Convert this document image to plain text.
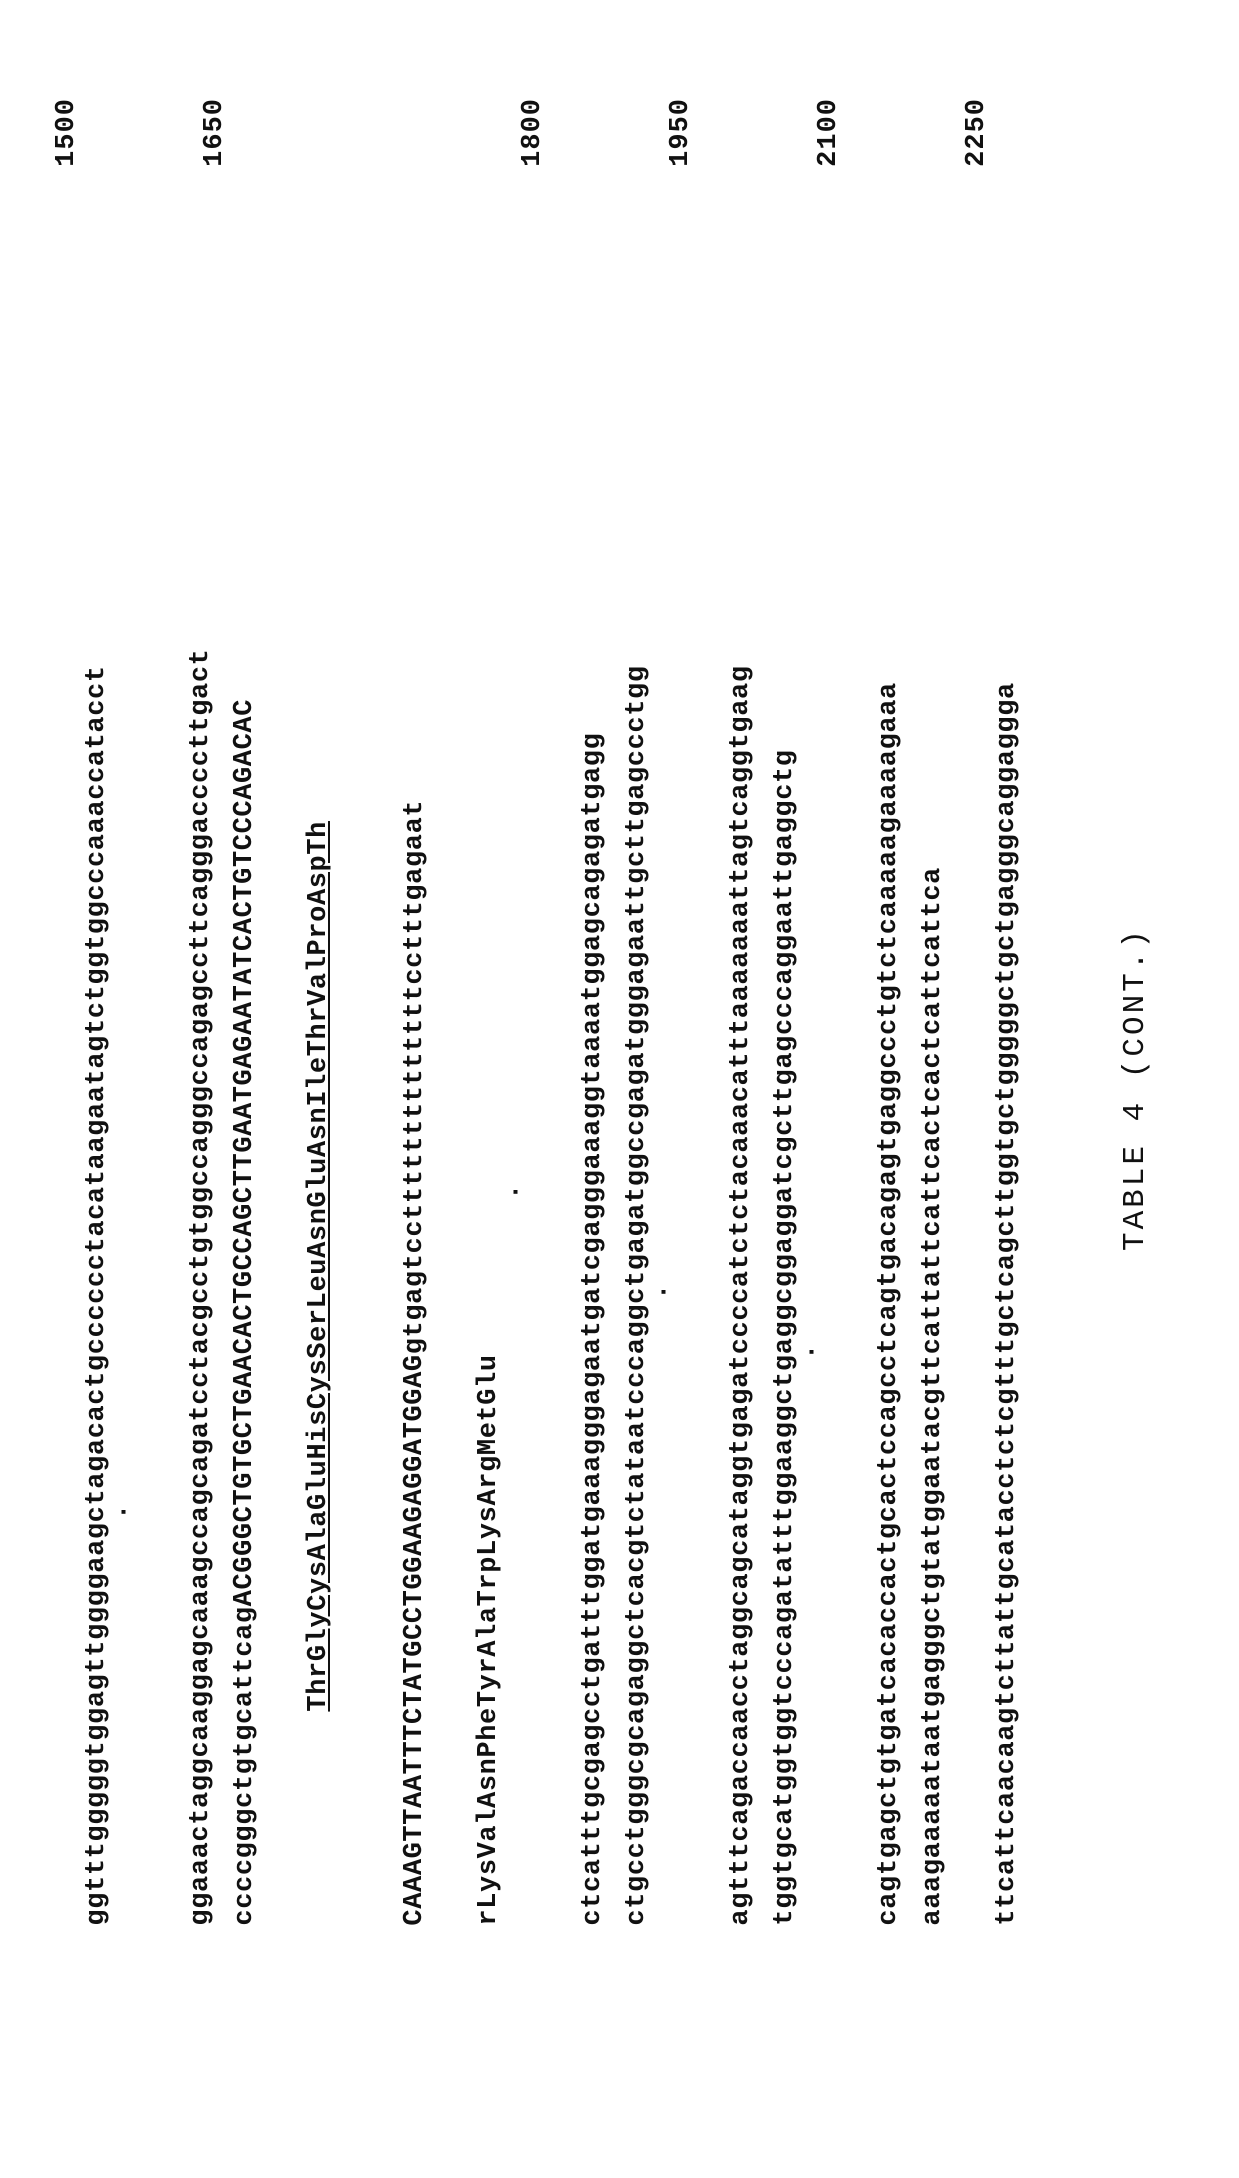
ggtttgggggtggagttggggaagctagacactgcccccctacataagaatagtctggtggcccaaaccatacct

1500

· ggaaactaggcaaggagcaaagccagcagatcctacgcctgtggccagggccagagccttcagggaccccttgact

ccccgggctgtgcattcagACGGGCTGTGCTGAACACTGCCAGCTTGAATGAGAATATCACTGTCCCAGACAC

1650

ThrGlyCysAlaGluHisCysSerLeuAsnGluAsnIleThrValProAspTh

	CAAAGTTAATTTCTATGCCTGGAAGAGGATGGAGgtgagtccttttttttttttttcctttgagaat

	rLysValAsnPheTyrAlaTrpLysArgMetGlu

· ctcatttgcgagcctgatttggatgaaagggagaatgatcgagggaaaggtaaaatggagcagagatgagg

1800

ctgcctgggcgcagaggctcacgtctataatcccaggctgagatggccgagatgggagaattgcttgagccctgg

· agtttcagaccaacctaggcagcataggtgagatccccatctctacaaacatttaaaaaaattagtcaggtgaag

1950

tggtgcatggtggtcccagatatttggaaggctgaggcggaggatcgcttgagcccaggaattgaggctg

· cagtgagctgtgatcacaccactgcactccagcctcagtgacagagtgaggccctgtctcaaaaagaaaagaaa

2100

aaagaaaaataatgagggctgtatggaatacgttcattattcattcactcactcattcattca

	ttcattcaacaagtcttattgcatacctctcgtttgctcagcttggtgctgggggctgctgagggcaggaggga

2250

TABLE 4 (CONT.)
